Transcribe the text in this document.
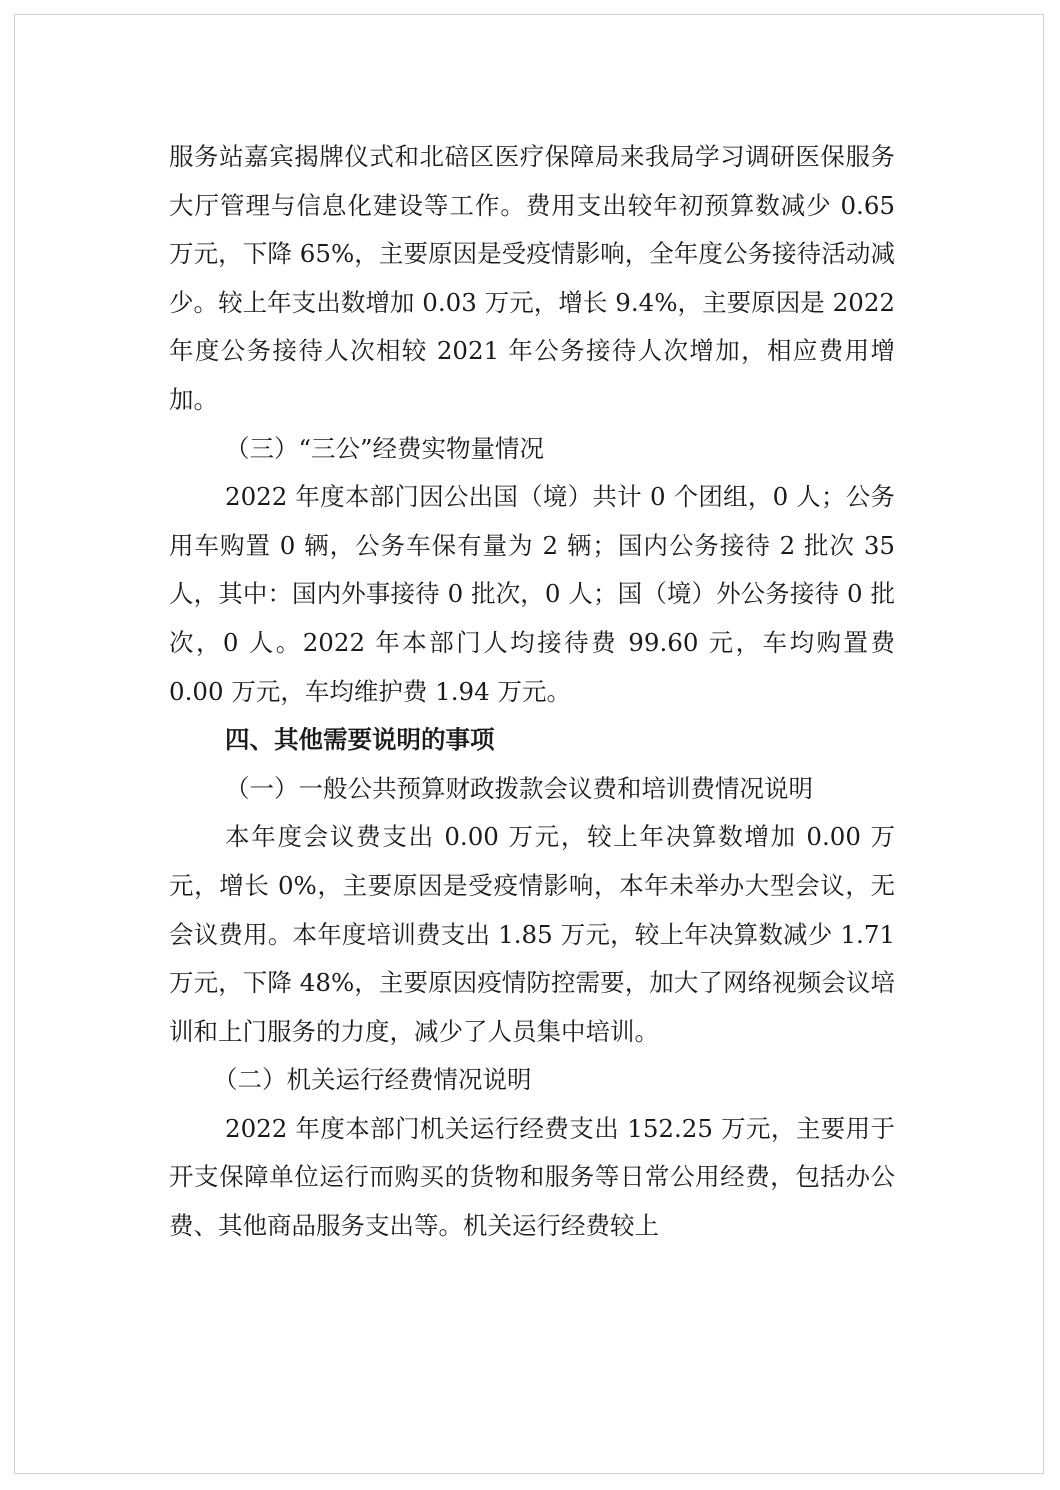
服务站嘉宾揭牌仪式和北碚区医疗保障局来我局学习调研医保服务大厅管理与信息化建设等工作。费用支出较年初预算数减少 0.65 万元，下降 65%，主要原因是受疫情影响，全年度公务接待活动减少。较上年支出数增加 0.03 万元，增长 9.4%，主要原因是 2022 年度公务接待人次相较 2021 年公务接待人次增加，相应费用增加。

（三）“三公”经费实物量情况

2022 年度本部门因公出国（境）共计 0 个团组，0 人；公务用车购置 0 辆，公务车保有量为 2 辆；国内公务接待 2 批次 35 人，其中：国内外事接待 0 批次，0 人；国（境）外公务接待 0 批次，0 人。2022 年本部门人均接待费 99.60 元，车均购置费 0.00 万元，车均维护费 1.94 万元。

四、其他需要说明的事项

（一）一般公共预算财政拨款会议费和培训费情况说明

本年度会议费支出 0.00 万元，较上年决算数增加 0.00 万元，增长 0%，主要原因是受疫情影响，本年未举办大型会议，无会议费用。本年度培训费支出 1.85 万元，较上年决算数减少 1.71 万元，下降 48%，主要原因疫情防控需要，加大了网络视频会议培训和上门服务的力度，减少了人员集中培训。

（二）机关运行经费情况说明

2022 年度本部门机关运行经费支出 152.25 万元，主要用于开支保障单位运行而购买的货物和服务等日常公用经费，包括办公费、其他商品服务支出等。机关运行经费较上
